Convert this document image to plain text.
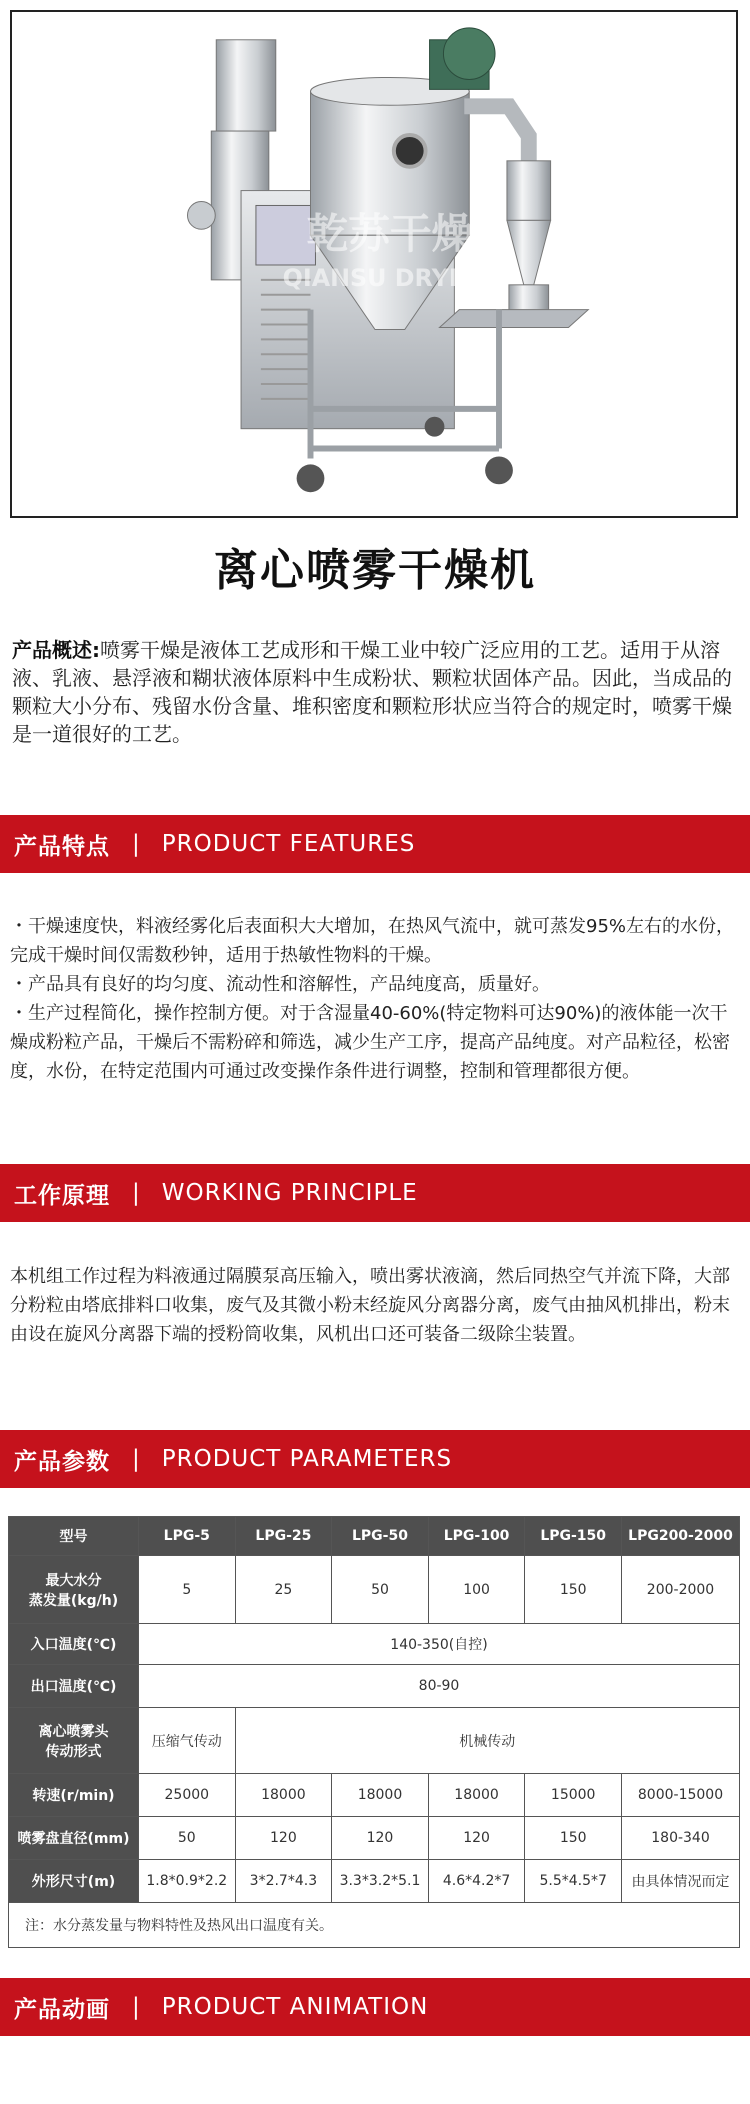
乾苏干燥
QIANSU DRYING
离心喷雾干燥机
产品概述:喷雾干燥是液体工艺成形和干燥工业中较广泛应用的工艺。适用于从溶液、乳液、悬浮液和糊状液体原料中生成粉状、颗粒状固体产品。因此，当成品的颗粒大小分布、残留水份含量、堆积密度和颗粒形状应当符合的规定时，喷雾干燥是一道很好的工艺。
产品特点 | PRODUCT FEATURES

・干燥速度快，料液经雾化后表面积大大增加，在热风气流中，就可蒸发95%左右的水份，完成干燥时间仅需数秒钟，适用于热敏性物料的干燥。

・产品具有良好的均匀度、流动性和溶解性，产品纯度高，质量好。

・生产过程简化，操作控制方便。对于含湿量40-60%(特定物料可达90%)的液体能一次干燥成粉粒产品，干燥后不需粉碎和筛选，减少生产工序，提高产品纯度。对产品粒径，松密度，水份，在特定范围内可通过改变操作条件进行调整，控制和管理都很方便。

工作原理 | WORKING PRINCIPLE

本机组工作过程为料液通过隔膜泵高压输入，喷出雾状液滴，然后同热空气并流下降，大部分粉粒由塔底排料口收集，废气及其微小粉末经旋风分离器分离，废气由抽风机排出，粉末由设在旋风分离器下端的授粉筒收集，风机出口还可装备二级除尘装置。

产品参数 | PRODUCT PARAMETERS
型号	LPG-5	LPG-25	LPG-50	LPG-100	LPG-150	LPG200-2000
最大水分
蒸发量(kg/h)	5	25	50	100	150	200-2000
入口温度(℃)	140-350(自控)					
出口温度(℃)	80-90					
离心喷雾头
传动形式	压缩气传动	机械传动				
转速(r/min)	25000	18000	18000	18000	15000	8000-15000
喷雾盘直径(mm)	50	120	120	120	150	180-340
外形尺寸(m)	1.8*0.9*2.2	3*2.7*4.3	3.3*3.2*5.1	4.6*4.2*7	5.5*4.5*7	由具体情况而定
注：水分蒸发量与物料特性及热风出口温度有关。						
产品动画 | PRODUCT ANIMATION
